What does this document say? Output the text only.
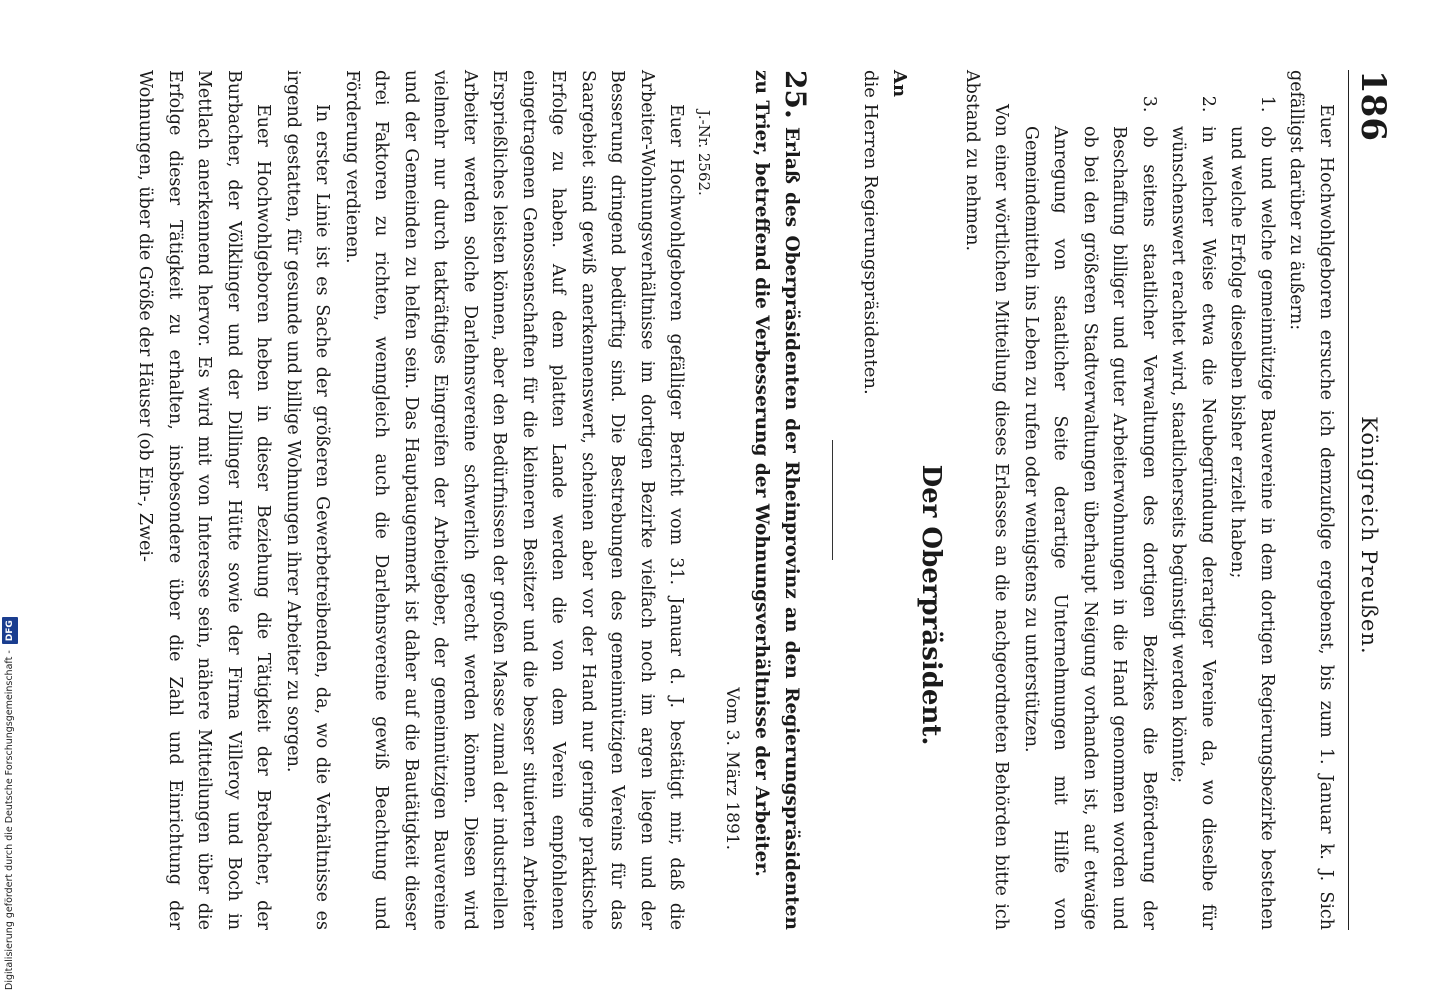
186
Königreich Preußen.

Euer Hochwohlgeboren ersuche ich demzufolge ergebenst, bis zum 1. Januar k. J. Sich gefälligst darüber zu äußern:

1. ob und welche gemeinnützige Bauvereine in dem dortigen Regierungsbezirke bestehen und welche Erfolge dieselben bisher erzielt haben;
2. in welcher Weise etwa die Neubegründung derartiger Vereine da, wo dieselbe für wünschenswert erachtet wird, staatlicherseits begünstigt werden könnte;
3. ob seitens staatlicher Verwaltungen des dortigen Bezirkes die Beförderung der Beschaffung billiger und guter Arbeiterwohnungen in die Hand genommen worden und ob bei den größeren Stadtverwaltungen überhaupt Neigung vorhanden ist, auf etwaige Anregung von staatlicher Seite derartige Unternehmungen mit Hilfe von Gemeindemitteln ins Leben zu rufen oder wenigstens zu unterstützen.

Von einer wörtlichen Mitteilung dieses Erlasses an die nachgeordneten Behörden bitte ich Abstand zu nehmen.

Der Oberpräsident.
An
die Herren Regierungspräsidenten.
25. Erlaß des Oberpräsidenten der Rheinprovinz an den Regierungspräsidenten zu Trier, betreffend die Verbesserung der Wohnungsverhältnisse der Arbeiter.
Vom 3. März 1891.
J.-Nr. 2562.

Euer Hochwohlgeboren gefälliger Bericht vom 31. Januar d. J. bestätigt mir, daß die Arbeiter-Wohnungsverhältnisse im dortigen Bezirke vielfach noch im argen liegen und der Besserung dringend bedürftig sind. Die Bestrebungen des gemeinnützigen Vereins für das Saargebiet sind gewiß anerkennenswert, scheinen aber vor der Hand nur geringe praktische Erfolge zu haben. Auf dem platten Lande werden die von dem Verein empfohlenen eingetragenen Genossenschaften für die kleineren Besitzer und die besser situierten Arbeiter Ersprießliches leisten können, aber den Bedürfnissen der großen Masse zumal der industriellen Arbeiter werden solche Darlehnsvereine schwerlich gerecht werden können. Diesen wird vielmehr nur durch tatkräftiges Eingreifen der Arbeitgeber, der gemeinnützigen Bauvereine und der Gemeinden zu helfen sein. Das Hauptaugenmerk ist daher auf die Bautätigkeit dieser drei Faktoren zu richten, wenngleich auch die Darlehnsvereine gewiß Beachtung und Förderung verdienen.

In erster Linie ist es Sache der größeren Gewerbetreibenden, da, wo die Verhältnisse es irgend gestatten, für gesunde und billige Wohnungen ihrer Arbeiter zu sorgen.

Euer Hochwohlgeboren heben in dieser Beziehung die Tätigkeit der Brebacher, der Burbacher, der Völklinger und der Dillinger Hütte sowie der Firma Villeroy und Boch in Mettlach anerkennend hervor. Es wird mit von Interesse sein, nähere Mitteilungen über die Erfolge dieser Tätigkeit zu erhalten, insbesondere über die Zahl und Einrichtung der Wohnungen, über die Größe der Häuser (ob Ein-, Zwei-

Digitalisierung gefördert durch die Deutsche Forschungsgemeinschaft -
DFG
